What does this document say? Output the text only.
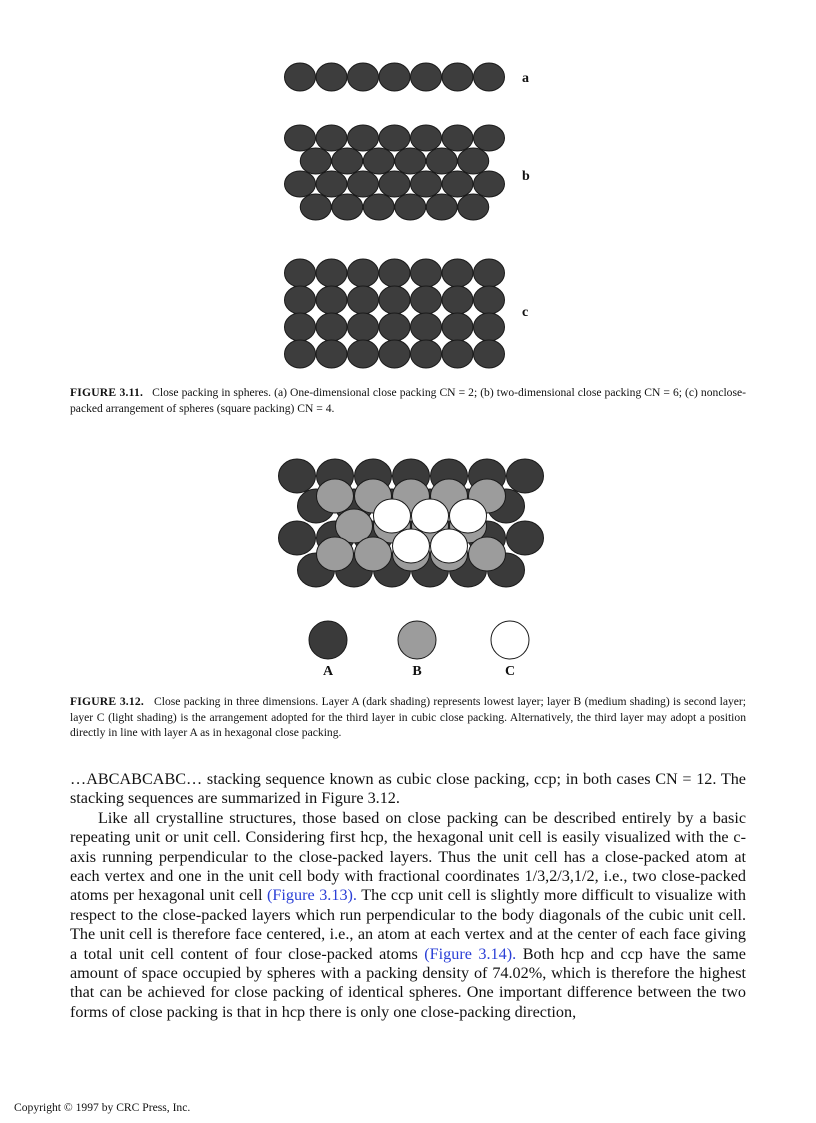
a
b
c
FIGURE 3.11. Close packing in spheres. (a) One-dimensional close packing CN = 2; (b) two-dimensional close packing CN = 6; (c) nonclose-packed arrangement of spheres (square packing) CN = 4.
A	B	C
FIGURE 3.12. Close packing in three dimensions. Layer A (dark shading) represents lowest layer; layer B (medium shading) is second layer; layer C (light shading) is the arrangement adopted for the third layer in cubic close packing. Alternatively, the third layer may adopt a position directly in line with layer A as in hexagonal close packing.

…ABCABCABC… stacking sequence known as cubic close packing, ccp; in both cases CN = 12. The stacking sequences are summarized in Figure 3.12.

Like all crystalline structures, those based on close packing can be described entirely by a basic repeating unit or unit cell. Considering first hcp, the hexagonal unit cell is easily visualized with the c-axis running perpendicular to the close-packed layers. Thus the unit cell has a close-packed atom at each vertex and one in the unit cell body with fractional coordinates 1/3,2/3,1/2, i.e., two close-packed atoms per hexagonal unit cell (Figure 3.13). The ccp unit cell is slightly more difficult to visualize with respect to the close-packed layers which run perpendicular to the body diagonals of the cubic unit cell. The unit cell is therefore face centered, i.e., an atom at each vertex and at the center of each face giving a total unit cell content of four close-packed atoms (Figure 3.14). Both hcp and ccp have the same amount of space occupied by spheres with a packing density of 74.02%, which is therefore the highest that can be achieved for close packing of identical spheres. One important difference between the two forms of close packing is that in hcp there is only one close-packing direction,

Copyright © 1997 by CRC Press, Inc.
